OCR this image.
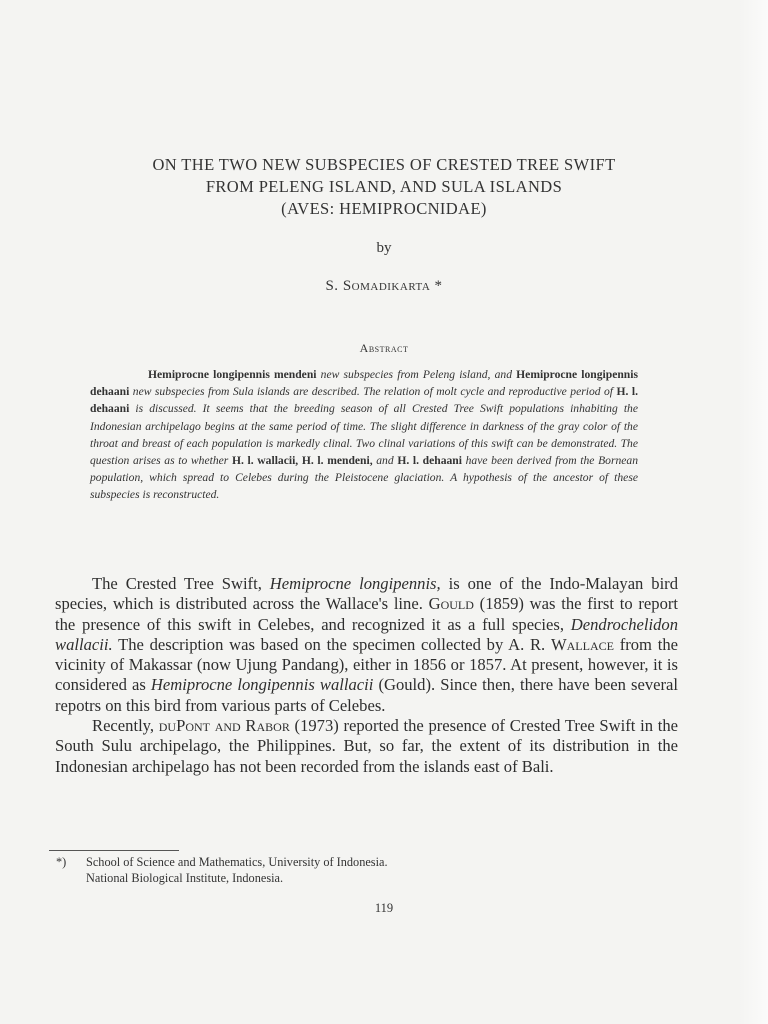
ON THE TWO NEW SUBSPECIES OF CRESTED TREE SWIFT
FROM PELENG ISLAND, AND SULA ISLANDS
(AVES: HEMIPROCNIDAE)
by
S. Somadikarta *
Abstract
Hemiprocne longipennis mendeni new subspecies from Peleng island, and Hemiprocne longipennis dehaani new subspecies from Sula islands are described. The relation of molt cycle and reproductive period of H. l. dehaani is discussed. It seems that the breeding season of all Crested Tree Swift populations inhabiting the Indonesian archipelago begins at the same period of time. The slight difference in darkness of the gray color of the throat and breast of each population is markedly clinal. Two clinal variations of this swift can be demonstrated. The question arises as to whether H. l. wallacii, H. l. mendeni, and H. l. dehaani have been derived from the Bornean population, which spread to Celebes during the Pleistocene glaciation. A hypothesis of the ancestor of these subspecies is reconstructed.

The Crested Tree Swift, Hemiprocne longipennis, is one of the Indo-Malayan bird species, which is distributed across the Wallace's line. Gould (1859) was the first to report the presence of this swift in Celebes, and recognized it as a full species, Dendrochelidon wallacii. The description was based on the specimen collected by A. R. Wallace from the vicinity of Makassar (now Ujung Pandang), either in 1856 or 1857. At present, however, it is considered as Hemiprocne longipennis wallacii (Gould). Since then, there have been several repotrs on this bird from various parts of Celebes.

Recently, duPont and Rabor (1973) reported the presence of Crested Tree Swift in the South Sulu archipelago, the Philippines. But, so far, the extent of its distribution in the Indonesian archipelago has not been recorded from the islands east of Bali.

*)	School of Science and Mathematics, University of Indonesia.
National Biological Institute, Indonesia.
119
